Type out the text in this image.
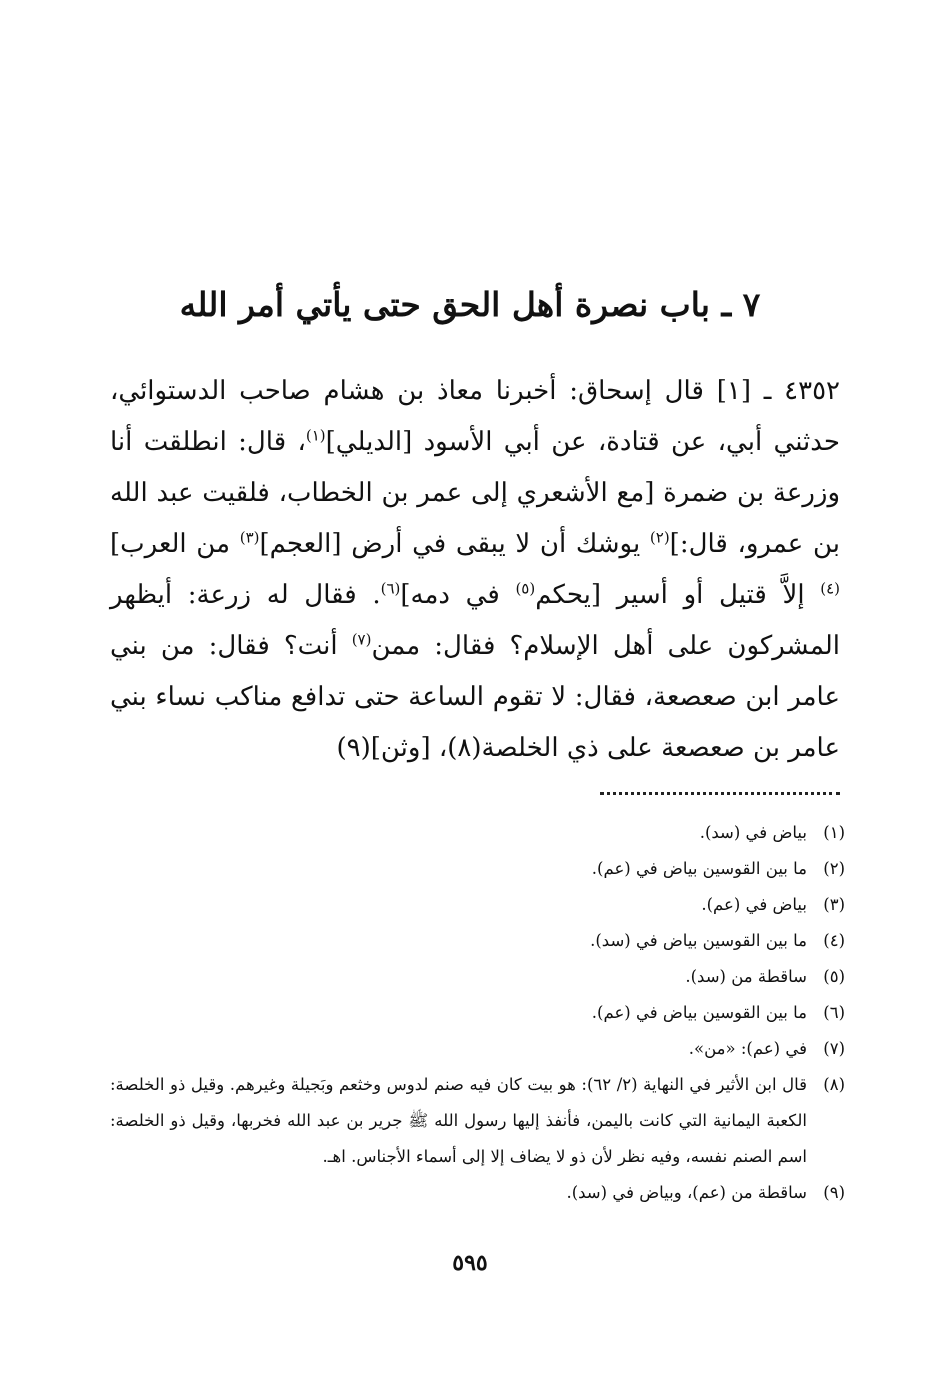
٧ ـ باب نصرة أهل الحق حتى يأتي أمر الله

٤٣٥٢ ـ [١] قال إسحاق: أخبرنا معاذ بن هشام صاحب الدستوائي، حدثني أبي، عن قتادة، عن أبي الأسود [الديلي]$^{(١)}$، قال: انطلقت أنا وزرعة بن ضمرة [مع الأشعري إلى عمر بن الخطاب، فلقيت عبد الله بن عمرو، قال:]$^{(٢)}$ يوشك أن لا يبقى في أرض [العجم]$^{(٣)}$ من العرب]$^{(٤)}$ إلاَّ قتيل أو أسير [يحكم$^{(٥)}$ في دمه]$^{(٦)}$. فقال له زرعة: أيظهر المشركون على أهل الإسلام؟ فقال: ممن$^{(٧)}$ أنت؟ فقال: من بني عامر ابن صعصعة، فقال: لا تقوم الساعة حتى تدافع مناكب نساء بني عامر بن صعصعة على ذي الخلصة(٨)، [وثن](٩)

(١)
بياض في (سد).
(٢)
ما بين القوسين بياض في (عم).
(٣)
بياض في (عم).
(٤)
ما بين القوسين بياض في (سد).
(٥)
ساقطة من (سد).
(٦)
ما بين القوسين بياض في (عم).
(٧)
في (عم): «من».
(٨)
قال ابن الأثير في النهاية (٢/ ٦٢): هو بيت كان فيه صنم لدوس وخثعم وبَجيلة وغيرهم. وقيل ذو الخلصة: الكعبة اليمانية التي كانت باليمن، فأنفذ إليها رسول الله ﷺ جرير بن عبد الله فخربها، وقيل ذو الخلصة: اسم الصنم نفسه، وفيه نظر لأن ذو لا يضاف إلا إلى أسماء الأجناس. اهـ.
(٩)
ساقطة من (عم)، وبياض في (سد).
٥٩٥
